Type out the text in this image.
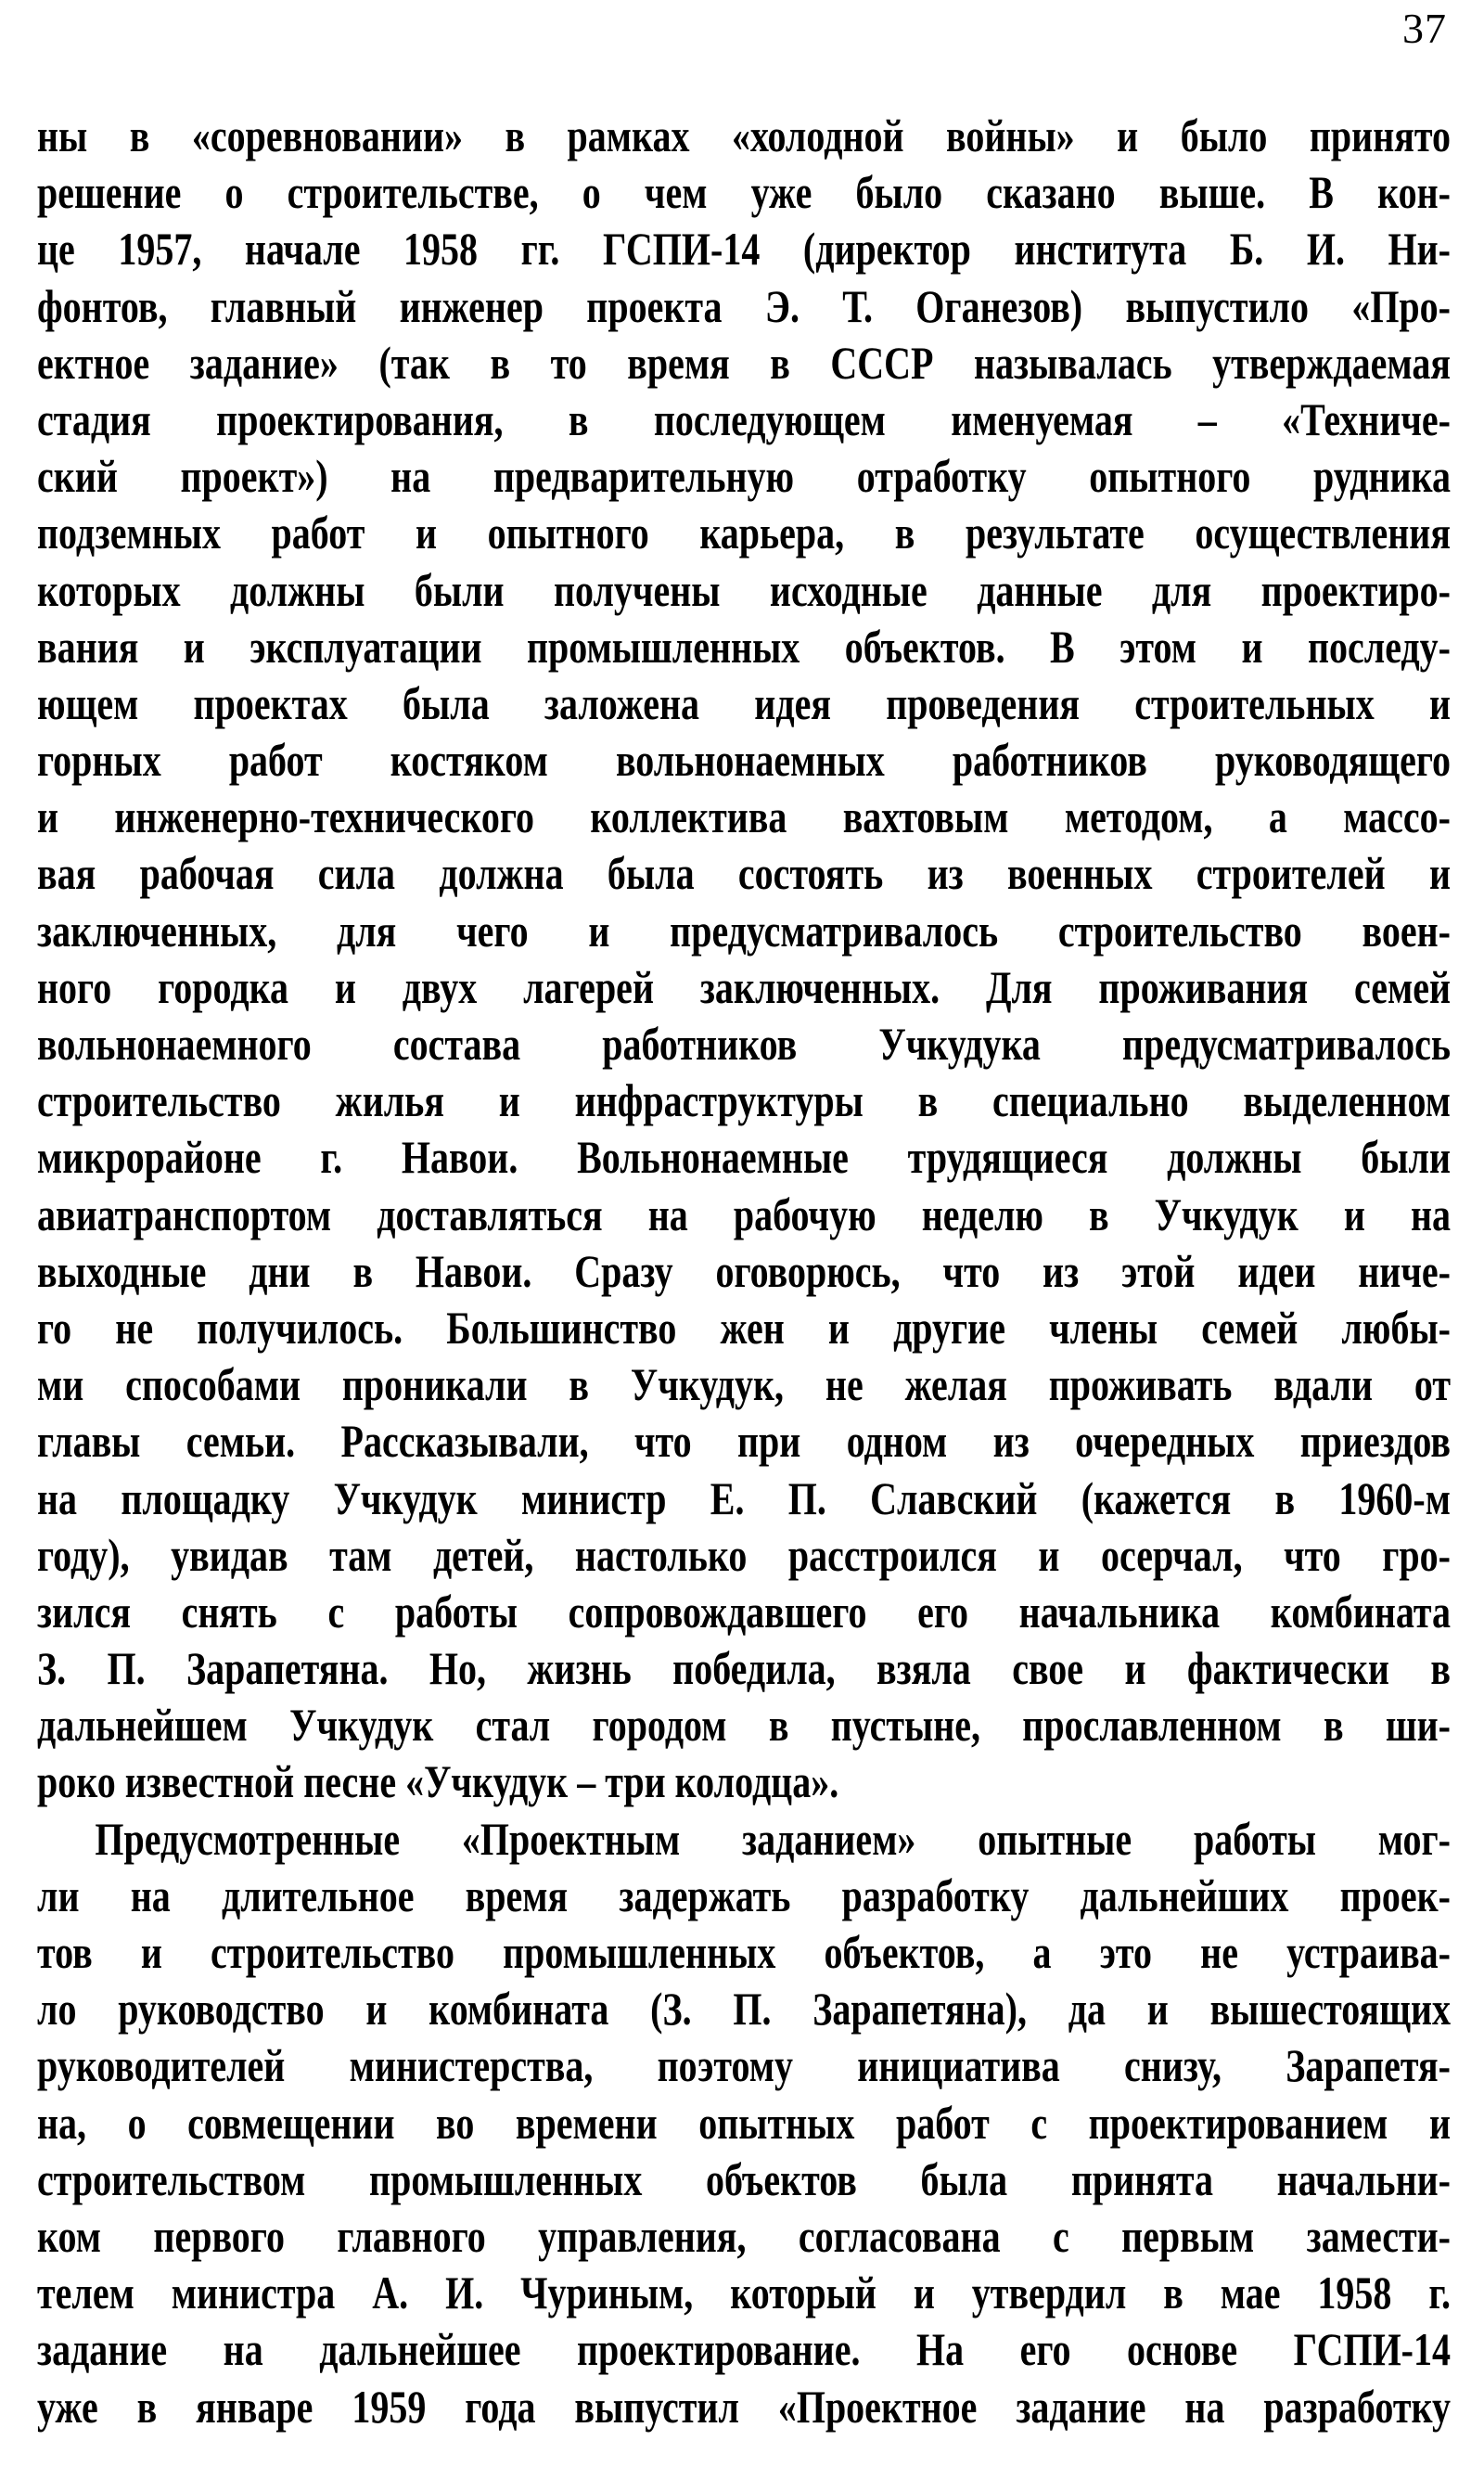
37
ны в «соревновании» в рамках «холодной войны» и было принято
решение о строительстве, о чем уже было сказано выше. В кон-
це 1957, начале 1958 гг. ГСПИ-14 (директор института Б. И. Ни-
фонтов, главный инженер проекта Э. Т. Оганезов) выпустило «Про-
ектное задание» (так в то время в СССР называлась утверждаемая
стадия проектирования, в последующем именуемая – «Техниче-
ский проект») на предварительную отработку опытного рудника
подземных работ и опытного карьера, в результате осуществления
которых должны были получены исходные данные для проектиро-
вания и эксплуатации промышленных объектов. В этом и последу-
ющем проектах была заложена идея проведения строительных и
горных работ костяком вольнонаемных работников руководящего
и инженерно-технического коллектива вахтовым методом, а массо-
вая рабочая сила должна была состоять из военных строителей и
заключенных, для чего и предусматривалось строительство воен-
ного городка и двух лагерей заключенных. Для проживания семей
вольнонаемного состава работников Учкудука предусматривалось
строительство жилья и инфраструктуры в специально выделенном
микрорайоне г. Навои. Вольнонаемные трудящиеся должны были
авиатранспортом доставляться на рабочую неделю в Учкудук и на
выходные дни в Навои. Сразу оговорюсь, что из этой идеи ниче-
го не получилось. Большинство жен и другие члены семей любы-
ми способами проникали в Учкудук, не желая проживать вдали от
главы семьи. Рассказывали, что при одном из очередных приездов
на площадку Учкудук министр Е. П. Славский (кажется в 1960-м
году), увидав там детей, настолько расстроился и осерчал, что гро-
зился снять с работы сопровождавшего его начальника комбината
З. П. Зарапетяна. Но, жизнь победила, взяла свое и фактически в
дальнейшем Учкудук стал городом в пустыне, прославленном в ши-
роко известной песне «Учкудук – три колодца».
Предусмотренные «Проектным заданием» опытные работы мог-
ли на длительное время задержать разработку дальнейших проек-
тов и строительство промышленных объектов, а это не устраива-
ло руководство и комбината (З. П. Зарапетяна), да и вышестоящих
руководителей министерства, поэтому инициатива снизу, Зарапетя-
на, о совмещении во времени опытных работ с проектированием и
строительством промышленных объектов была принята начальни-
ком первого главного управления, согласована с первым замести-
телем министра А. И. Чуриным, который и утвердил в мае 1958 г.
задание на дальнейшее проектирование. На его основе ГСПИ-14
уже в январе 1959 года выпустил «Проектное задание на разработку
